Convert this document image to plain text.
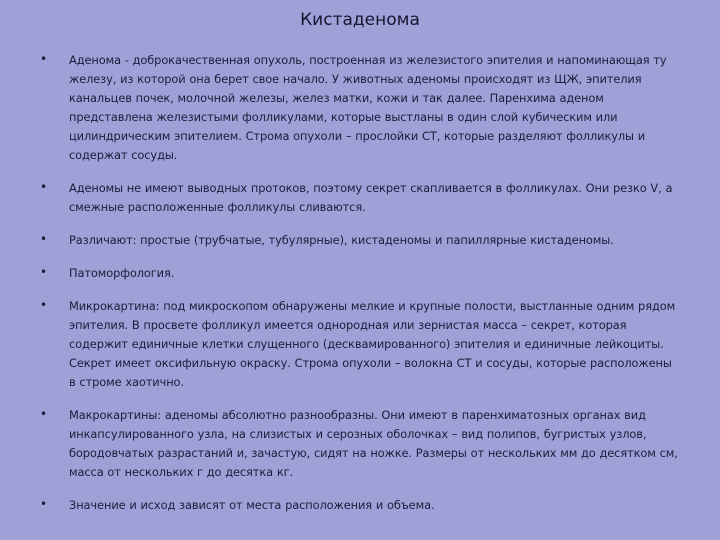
Кистаденома
• Аденома - доброкачественная опухоль, построенная из железистого эпителия и напоминающая ту железу, из которой она берет свое начало. У животных аденомы происходят из ЩЖ, эпителия канальцев почек, молочной железы, желез матки, кожи и так далее. Паренхима аденом представлена железистыми фолликулами, которые выстланы в один слой кубическим или цилиндрическим эпителием. Строма опухоли – прослойки СТ, которые разделяют фолликулы и содержат сосуды.
• Аденомы не имеют выводных протоков, поэтому секрет скапливается в фолликулах. Они резко V, а смежные расположенные фолликулы сливаются.
• Различают: простые (трубчатые, тубулярные), кистаденомы и папиллярные кистаденомы.
• Патоморфология.
• Микрокартина: под микроскопом обнаружены мелкие и крупные полости, выстланные одним рядом эпителия. В просвете фолликул имеется однородная или зернистая масса – секрет, которая содержит единичные клетки слущенного (десквамированного) эпителия и единичные лейкоциты. Секрет имеет оксифильную окраску. Строма опухоли – волокна СТ и сосуды, которые расположены в строме хаотично.
• Макрокартины: аденомы абсолютно разнообразны. Они имеют в паренхиматозных органах вид инкапсулированного узла, на слизистых и серозных оболочках – вид полипов, бугристых узлов, бородовчатых разрастаний и, зачастую, сидят на ножке. Размеры от нескольких мм до десятком см, масса от нескольких г до десятка кг.
• Значение и исход зависят от места расположения и объема.
